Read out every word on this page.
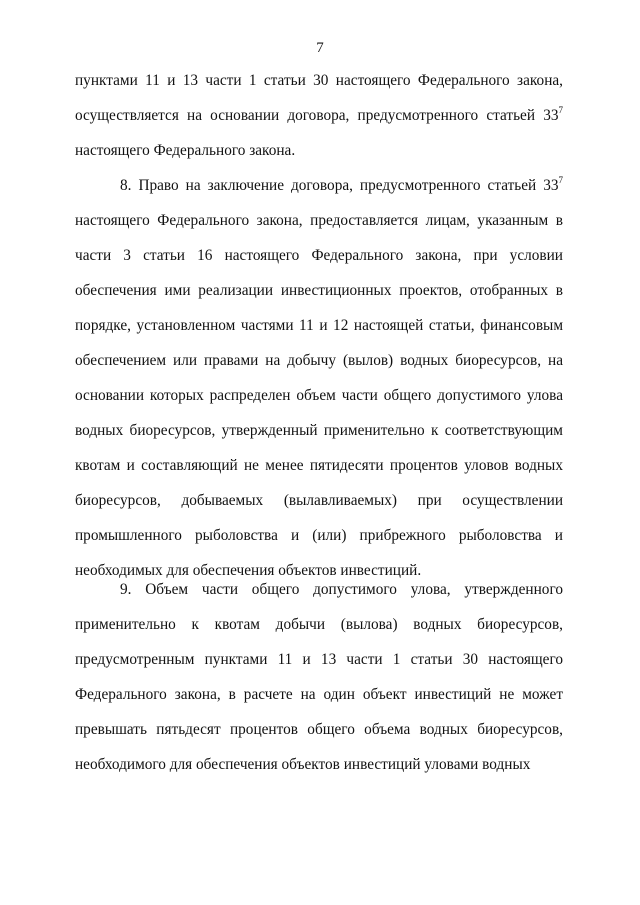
7

пунктами 11 и 13 части 1 статьи 30 настоящего Федерального закона, осуществляется на основании договора, предусмотренного статьей $33^7$ настоящего Федерального закона.

8. Право на заключение договора, предусмотренного статьей $33^7$ настоящего Федерального закона, предоставляется лицам, указанным в части 3 статьи 16 настоящего Федерального закона, при условии обеспечения ими реализации инвестиционных проектов, отобранных в порядке, установленном частями 11 и 12 настоящей статьи, финансовым обеспечением или правами на добычу (вылов) водных биоресурсов, на основании которых распределен объем части общего допустимого улова водных биоресурсов, утвержденный применительно к соответствующим квотам и составляющий не менее пятидесяти процентов уловов водных биоресурсов, добываемых (вылавливаемых) при осуществлении промышленного рыболовства и (или) прибрежного рыболовства и необходимых для обеспечения объектов инвестиций.

9. Объем части общего допустимого улова, утвержденного применительно к квотам добычи (вылова) водных биоресурсов, предусмотренным пунктами 11 и 13 части 1 статьи 30 настоящего Федерального закона, в расчете на один объект инвестиций не может превышать пятьдесят процентов общего объема водных биоресурсов, необходимого для обеспечения объектов инвестиций уловами водных
